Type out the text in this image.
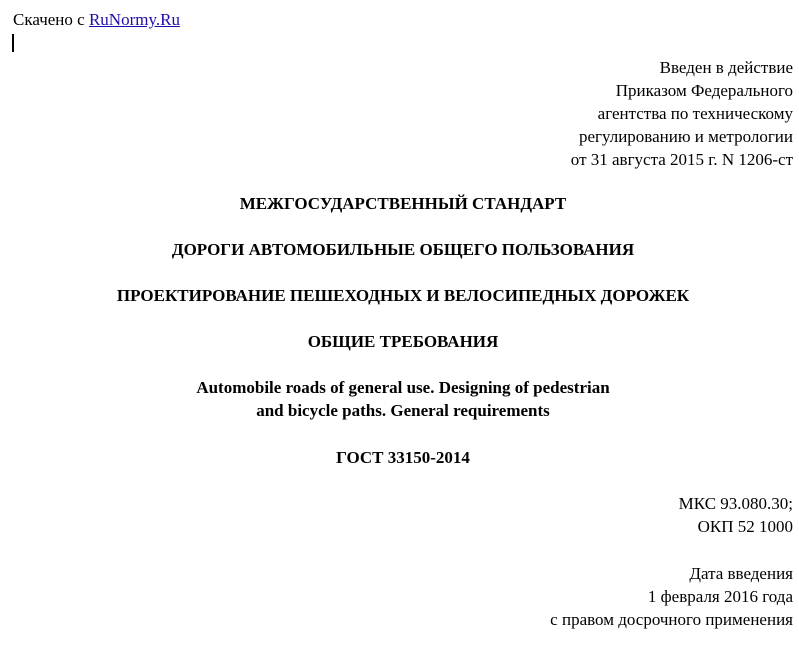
Скачено с RuNormy.Ru
Введен в действие
Приказом Федерального
агентства по техническому
регулированию и метрологии
от 31 августа 2015 г. N 1206-ст
МЕЖГОСУДАРСТВЕННЫЙ СТАНДАРТ
ДОРОГИ АВТОМОБИЛЬНЫЕ ОБЩЕГО ПОЛЬЗОВАНИЯ
ПРОЕКТИРОВАНИЕ ПЕШЕХОДНЫХ И ВЕЛОСИПЕДНЫХ ДОРОЖЕК
ОБЩИЕ ТРЕБОВАНИЯ
Automobile roads of general use. Designing of pedestrian
and bicycle paths. General requirements
ГОСТ 33150-2014
МКС 93.080.30;
ОКП 52 1000
Дата введения
1 февраля 2016 года
с правом досрочного применения
